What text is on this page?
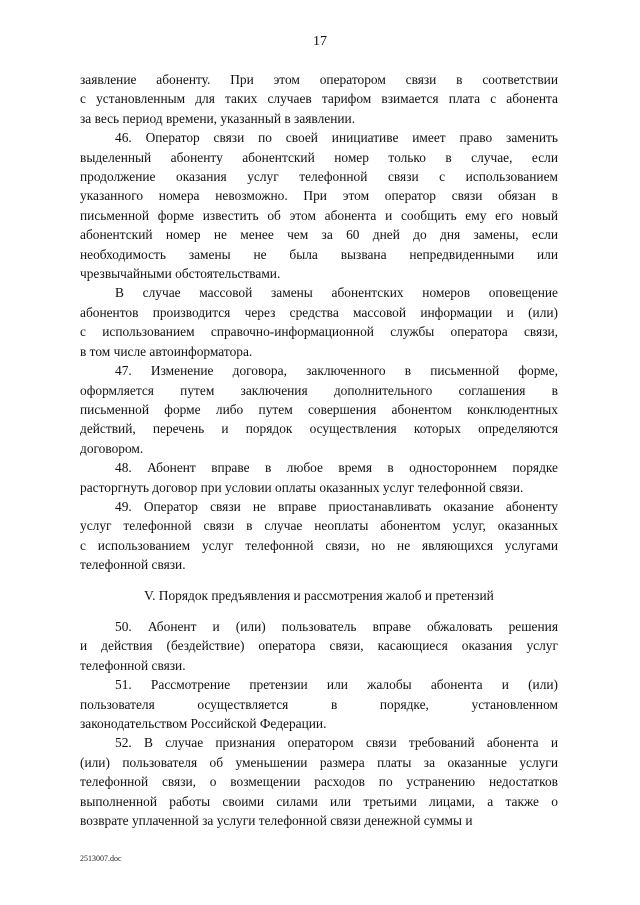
17
заявление абоненту. При этом оператором связи в соответствии
с установленным для таких случаев тарифом взимается плата с абонента
за весь период времени, указанный в заявлении.
46. Оператор связи по своей инициативе имеет право заменить
выделенный абоненту абонентский номер только в случае, если
продолжение оказания услуг телефонной связи с использованием
указанного номера невозможно. При этом оператор связи обязан в
письменной форме известить об этом абонента и сообщить ему его новый
абонентский номер не менее чем за 60 дней до дня замены, если
необходимость замены не была вызвана непредвиденными или
чрезвычайными обстоятельствами.
В случае массовой замены абонентских номеров оповещение
абонентов производится через средства массовой информации и (или)
с использованием справочно-информационной службы оператора связи,
в том числе автоинформатора.
47. Изменение договора, заключенного в письменной форме,
оформляется путем заключения дополнительного соглашения в
письменной форме либо путем совершения абонентом конклюдентных
действий, перечень и порядок осуществления которых определяются
договором.
48. Абонент вправе в любое время в одностороннем порядке
расторгнуть договор при условии оплаты оказанных услуг телефонной связи.
49. Оператор связи не вправе приостанавливать оказание абоненту
услуг телефонной связи в случае неоплаты абонентом услуг, оказанных
с использованием услуг телефонной связи, но не являющихся услугами
телефонной связи.
V. Порядок предъявления и рассмотрения жалоб и претензий
50. Абонент и (или) пользователь вправе обжаловать решения
и действия (бездействие) оператора связи, касающиеся оказания услуг
телефонной связи.
51. Рассмотрение претензии или жалобы абонента и (или)
пользователя осуществляется в порядке, установленном
законодательством Российской Федерации.
52. В случае признания оператором связи требований абонента и
(или) пользователя об уменьшении размера платы за оказанные услуги
телефонной связи, о возмещении расходов по устранению недостатков
выполненной работы своими силами или третьими лицами, а также о
возврате уплаченной за услуги телефонной связи денежной суммы и
2513007.doc
